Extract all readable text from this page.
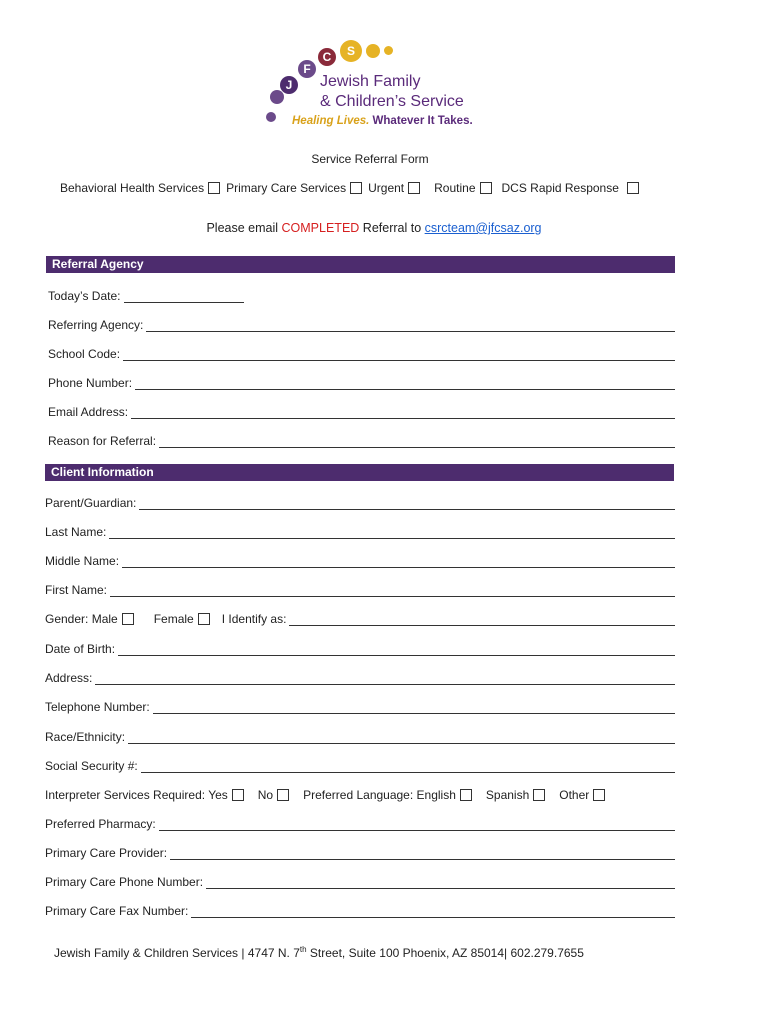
J
F
C S
Jewish Family
& Children’s Service
Healing Lives. Whatever It Takes.
Service Referral Form
Behavioral Health Services Primary Care Services Urgent	Routine DCS Rapid Response
Please email COMPLETED Referral to csrcteam@jfcsaz.org
Referral Agency
Today’s Date:
Referring Agency:
School Code:
Phone Number:
Email Address:
Reason for Referral:
Client Information
Parent/Guardian:
Last Name:
Middle Name:
First Name:
Gender: Male	Female I Identify as:
Date of Birth:
Address:
Telephone Number:
Race/Ethnicity:
Social Security #:
Interpreter Services Required: Yes	No	Preferred Language: English	Spanish	Other
Preferred Pharmacy:
Primary Care Provider:
Primary Care Phone Number:
Primary Care Fax Number:
Jewish Family & Children Services | 4747 N. 7th Street, Suite 100 Phoenix, AZ 85014| 602.279.7655
